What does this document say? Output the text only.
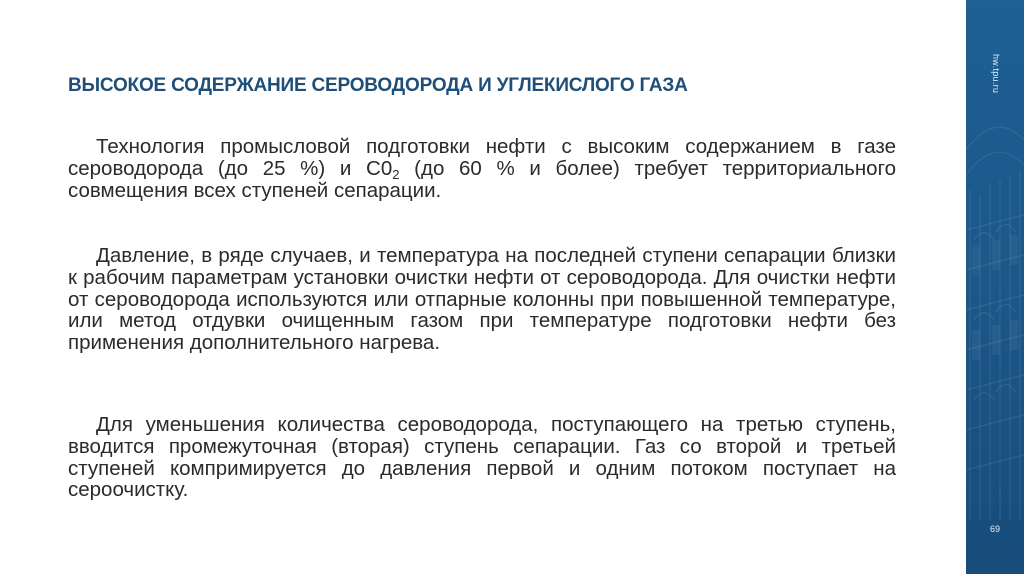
ВЫСОКОЕ СОДЕРЖАНИЕ СЕРОВОДОРОДА И УГЛЕКИСЛОГО ГАЗА

Технология промысловой подготовки нефти с высоким содержанием в газе сероводорода (до 25 %) и $С0_2$ (до 60 % и более) требует территориального совмещения всех ступеней сепарации.

Давление, в ряде случаев, и температура на последней ступени сепарации близки к рабочим параметрам установки очистки нефти от сероводорода. Для очистки нефти от сероводорода используются или отпарные колонны при повышенной температуре, или метод отдувки очищенным газом при температуре подготовки нефти без применения дополнительного нагрева.

Для уменьшения количества сероводорода, поступающего на третью ступень, вводится промежуточная (вторая) ступень сепарации. Газ со второй и третьей ступеней компримируется до давления первой и одним потоком поступает на сероочистку.

hw.tpu.ru
69
